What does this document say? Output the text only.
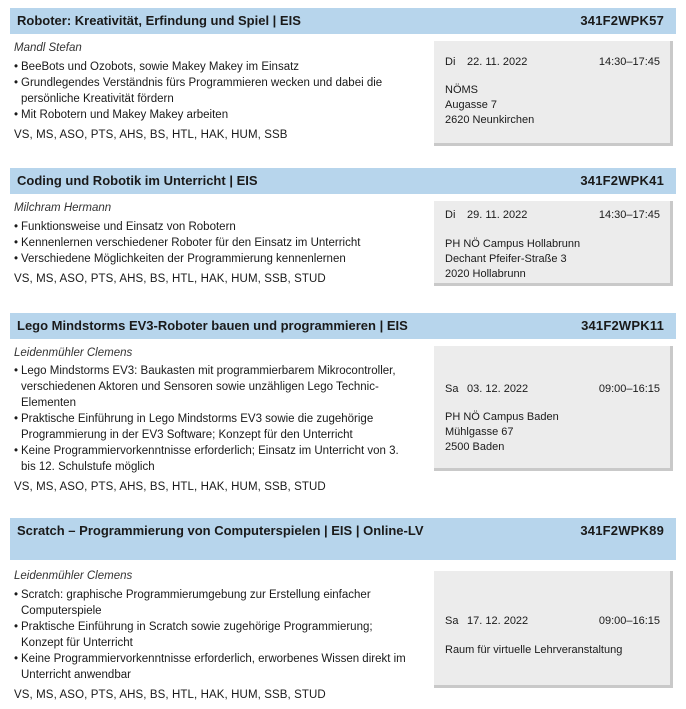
Roboter: Kreativität, Erfindung und Spiel | EIS	341F2WPK57
Mandl Stefan
• BeeBots und Ozobots, sowie Makey Makey im Einsatz
• Grundlegendes Verständnis fürs Programmieren wecken und dabei die persönliche Kreativität fördern
• Mit Robotern und Makey Makey arbeiten
VS, MS, ASO, PTS, AHS, BS, HTL, HAK, HUM, SSB
Di 22. 11. 2022	14:30–17:45
NÖMS
Augasse 7
2620 Neunkirchen
Coding und Robotik im Unterricht | EIS	341F2WPK41
Milchram Hermann
• Funktionsweise und Einsatz von Robotern
• Kennenlernen verschiedener Roboter für den Einsatz im Unterricht
• Verschiedene Möglichkeiten der Programmierung kennenlernen
VS, MS, ASO, PTS, AHS, BS, HTL, HAK, HUM, SSB, STUD
Di 29. 11. 2022	14:30–17:45
PH NÖ Campus Hollabrunn
Dechant Pfeifer-Straße 3
2020 Hollabrunn
Lego Mindstorms EV3-Roboter bauen und programmieren | EIS	341F2WPK11
Leidenmühler Clemens
• Lego Mindstorms EV3: Baukasten mit programmierbarem Mikrocontroller, verschiedenen Aktoren und Sensoren sowie unzähligen Lego Technic-Elementen
• Praktische Einführung in Lego Mindstorms EV3 sowie die zugehörige Programmierung in der EV3 Software; Konzept für den Unterricht
• Keine Programmiervorkenntnisse erforderlich; Einsatz im Unterricht von 3. bis 12. Schulstufe möglich
VS, MS, ASO, PTS, AHS, BS, HTL, HAK, HUM, SSB, STUD
Sa 03. 12. 2022	09:00–16:15
PH NÖ Campus Baden
Mühlgasse 67
2500 Baden
Scratch – Programmierung von Computerspielen | EIS | Online-LV	341F2WPK89
Leidenmühler Clemens
• Scratch: graphische Programmierumgebung zur Erstellung einfacher Computerspiele
• Praktische Einführung in Scratch sowie zugehörige Programmierung; Konzept für Unterricht
• Keine Programmiervorkenntnisse erforderlich, erworbenes Wissen direkt im Unterricht anwendbar
VS, MS, ASO, PTS, AHS, BS, HTL, HAK, HUM, SSB, STUD
Sa 17. 12. 2022	09:00–16:15
Raum für virtuelle Lehrveranstaltung
